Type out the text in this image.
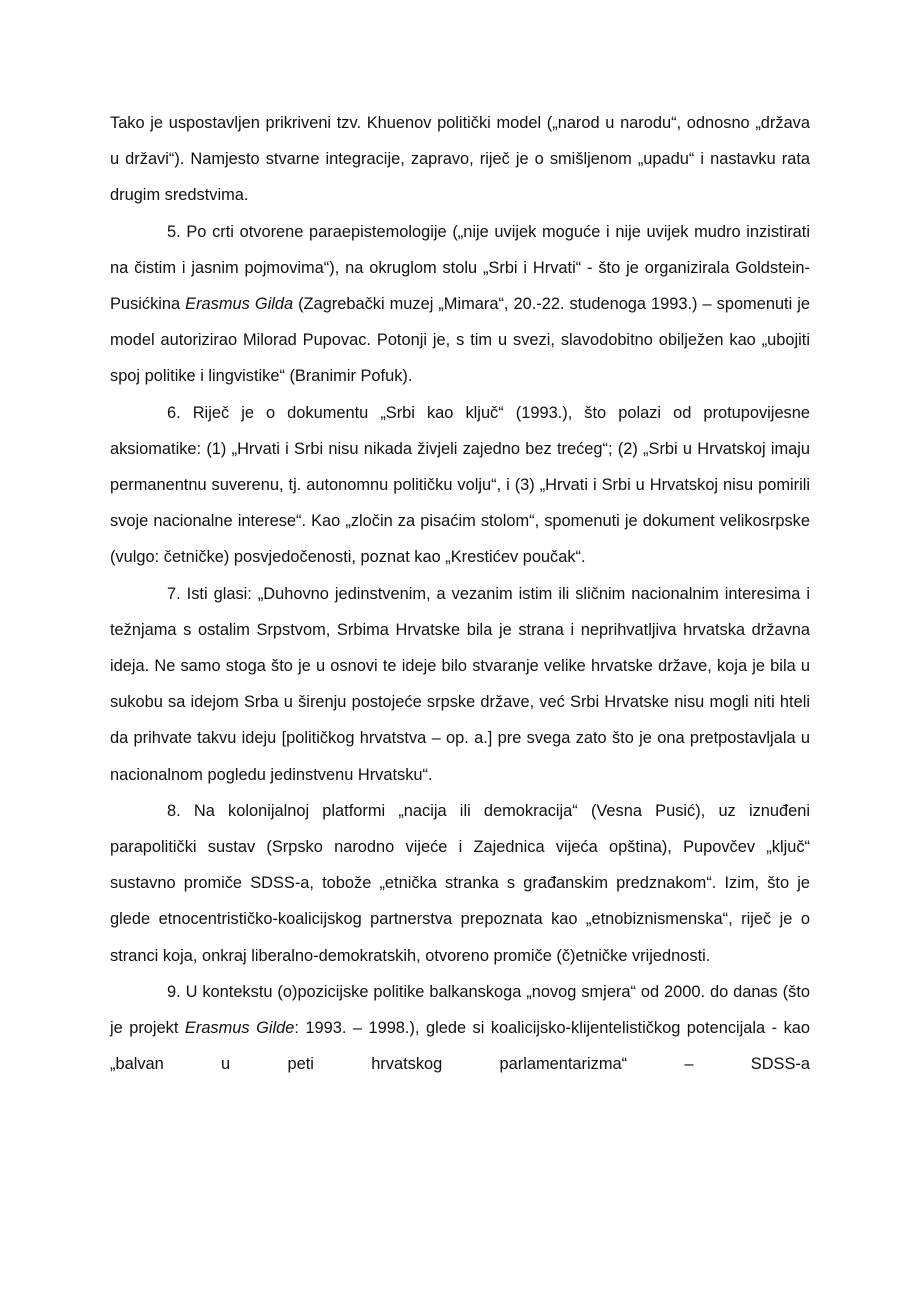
Tako je uspostavljen prikriveni tzv. Khuenov politički model („narod u narodu“, odnosno „država u državi“). Namjesto stvarne integracije, zapravo, riječ je o smišljenom „upadu“ i nastavku rata drugim sredstvima.

5. Po crti otvorene paraepistemologije („nije uvijek moguće i nije uvijek mudro inzistirati na čistim i jasnim pojmovima“), na okruglom stolu „Srbi i Hrvati“ - što je organizirala Goldstein-Pusićkina Erasmus Gilda (Zagrebački muzej „Mimara“, 20.-22. studenoga 1993.) – spomenuti je model autorizirao Milorad Pupovac. Potonji je, s tim u svezi, slavodobitno obilježen kao „ubojiti spoj politike i lingvistike“ (Branimir Pofuk).

6. Riječ je o dokumentu „Srbi kao ključ“ (1993.), što polazi od protupovijesne aksiomatike: (1) „Hrvati i Srbi nisu nikada živjeli zajedno bez trećeg“; (2) „Srbi u Hrvatskoj imaju permanentnu suverenu, tj. autonomnu političku volju“, i (3) „Hrvati i Srbi u Hrvatskoj nisu pomirili svoje nacionalne interese“. Kao „zločin za pisaćim stolom“, spomenuti je dokument velikosrpske (vulgo: četničke) posvjedočenosti, poznat kao „Krestićev poučak“.

7. Isti glasi: „Duhovno jedinstvenim, a vezanim istim ili sličnim nacionalnim interesima i težnjama s ostalim Srpstvom, Srbima Hrvatske bila je strana i neprihvatljiva hrvatska državna ideja. Ne samo stoga što je u osnovi te ideje bilo stvaranje velike hrvatske države, koja je bila u sukobu sa idejom Srba u širenju postojeće srpske države, već Srbi Hrvatske nisu mogli niti hteli da prihvate takvu ideju [političkog hrvatstva – op. a.] pre svega zato što je ona pretpostavljala u nacionalnom pogledu jedinstvenu Hrvatsku“.

8. Na kolonijalnoj platformi „nacija ili demokracija“ (Vesna Pusić), uz iznuđeni parapolitički sustav (Srpsko narodno vijeće i Zajednica vijeća opština), Pupovčev „ključ“ sustavno promiče SDSS-a, tobože „etnička stranka s građanskim predznakom“. Izim, što je glede etnocentrističko-koalicijskog partnerstva prepoznata kao „etnobiznismenska“, riječ je o stranci koja, onkraj liberalno-demokratskih, otvoreno promiče (č)etničke vrijednosti.

9. U kontekstu (o)pozicijske politike balkanskoga „novog smjera“ od 2000. do danas (što je projekt Erasmus Gilde: 1993. – 1998.), glede si koalicijsko-klijentelističkog potencijala - kao „balvan u peti hrvatskog parlamentarizma“ – SDSS-a
